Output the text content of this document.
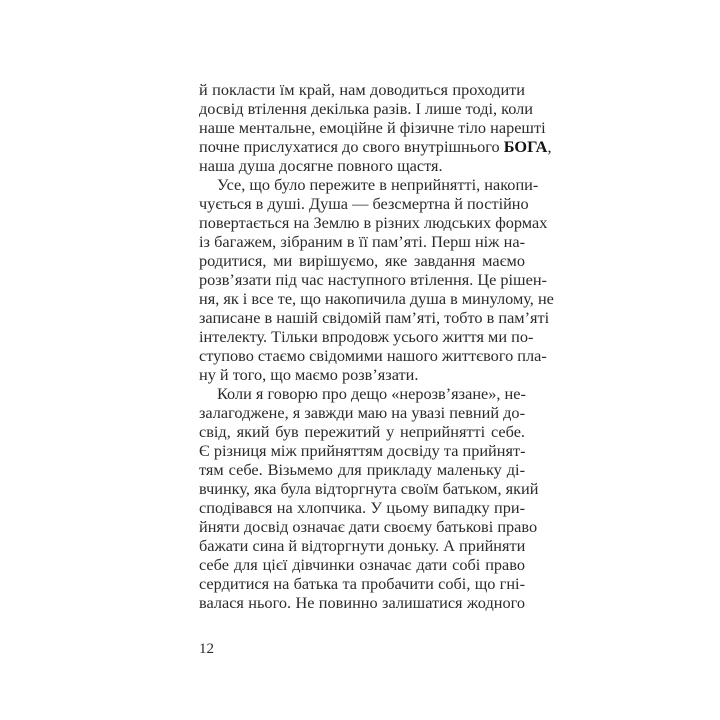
й покласти їм край, нам доводиться проходити
досвід втілення декілька разів. І лише тоді, коли
наше ментальне, емоційне й фізичне тіло нарешті
почне прислухатися до свого внутрішнього БОГА,
наша душа досягне повного щастя.
Усе, що було пережите в неприйнятті, накопи-
чується в душі. Душа — безсмертна й постійно
повертається на Землю в різних людських формах
із багажем, зібраним в її пам’яті. Перш ніж на-
родитися, ми вирішуємо, яке завдання маємо
розв’язати під час наступного втілення. Це рішен-
ня, як і все те, що накопичила душа в минулому, не
записане в нашій свідомій пам’яті, тобто в пам’яті
інтелекту. Тільки впродовж усього життя ми по-
ступово стаємо свідомими нашого життєвого пла-
ну й того, що маємо розв’язати.
Коли я говорю про дещо «нерозв’язане», не-
залагоджене, я завжди маю на увазі певний до-
свід, який був пережитий у неприйнятті себе.
Є різниця між прийняттям досвіду та прийнят-
тям себе. Візьмемо для прикладу маленьку ді-
вчинку, яка була відторгнута своїм батьком, який
сподівався на хлопчика. У цьому випадку при-
йняти досвід означає дати своєму батькові право
бажати сина й відторгнути доньку. А прийняти
себе для цієї дівчинки означає дати собі право
сердитися на батька та пробачити собі, що гні-
валася нього. Не повинно залишатися жодного
12
